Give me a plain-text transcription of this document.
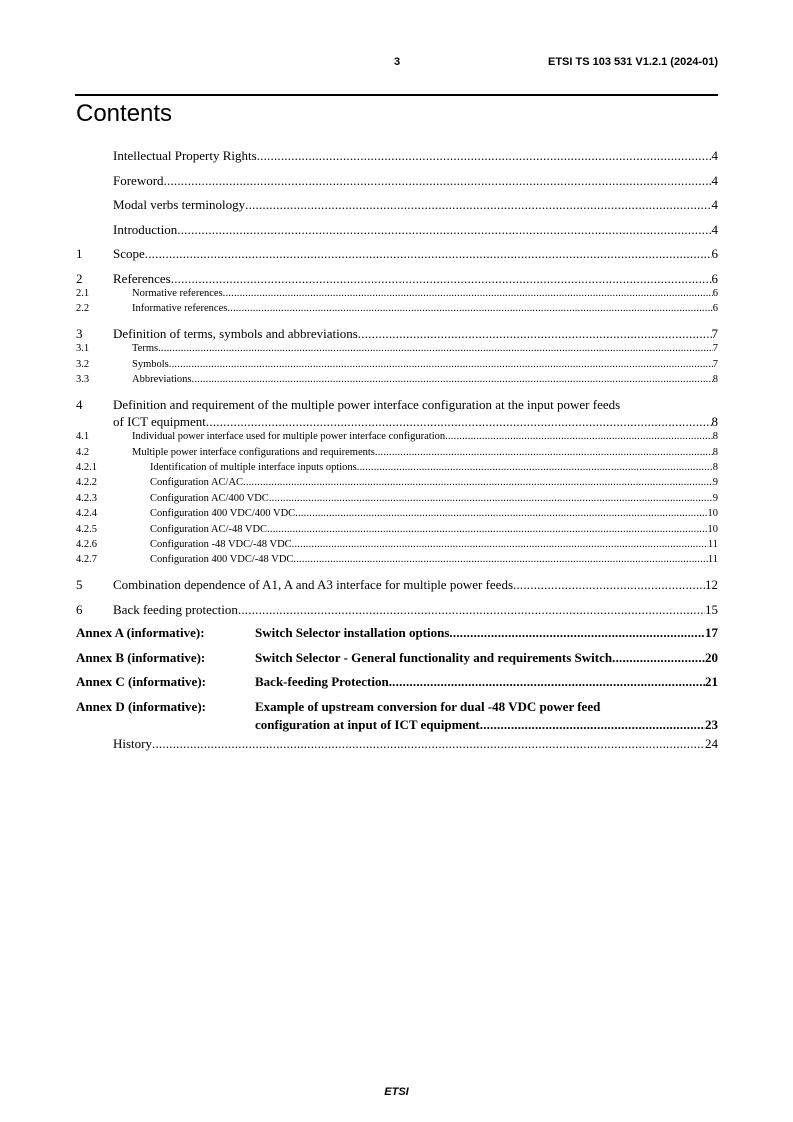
3	ETSI TS 103 531 V1.2.1 (2024-01)
Contents
Intellectual Property Rights .....	4
Foreword .....	4
Modal verbs terminology .....	4
Introduction .....	4
1	Scope .....	6
2	References .....	6
2.1	Normative references .....	6
2.2	Informative references .....	6
3	Definition of terms, symbols and abbreviations .....	7
3.1	Terms .....	7
3.2	Symbols .....	7
3.3	Abbreviations .....	8
4	Definition and requirement of the multiple power interface configuration at the input power feeds
of ICT equipment .....	8
4.1	Individual power interface used for multiple power interface configuration .....	8
4.2	Multiple power interface configurations and requirements .....	8
4.2.1	Identification of multiple interface inputs options .....	8
4.2.2	Configuration AC/AC .....	9
4.2.3	Configuration AC/400 VDC .....	9
4.2.4	Configuration 400 VDC/400 VDC .....	10
4.2.5	Configuration AC/-48 VDC .....	10
4.2.6	Configuration -48 VDC/-48 VDC .....	11
4.2.7	Configuration 400 VDC/-48 VDC .....	11
5	Combination dependence of A1, A and A3 interface for multiple power feeds .....	12
6	Back feeding protection .....	15
Annex A (informative):	Switch Selector installation options .....	17
Annex B (informative):	Switch Selector - General functionality and requirements Switch .....	20
Annex C (informative):	Back-feeding Protection .....	21
Annex D (informative):	Example of upstream conversion for dual -48 VDC power feed
configuration at input of ICT equipment .....	23
History .....	24
ETSI
